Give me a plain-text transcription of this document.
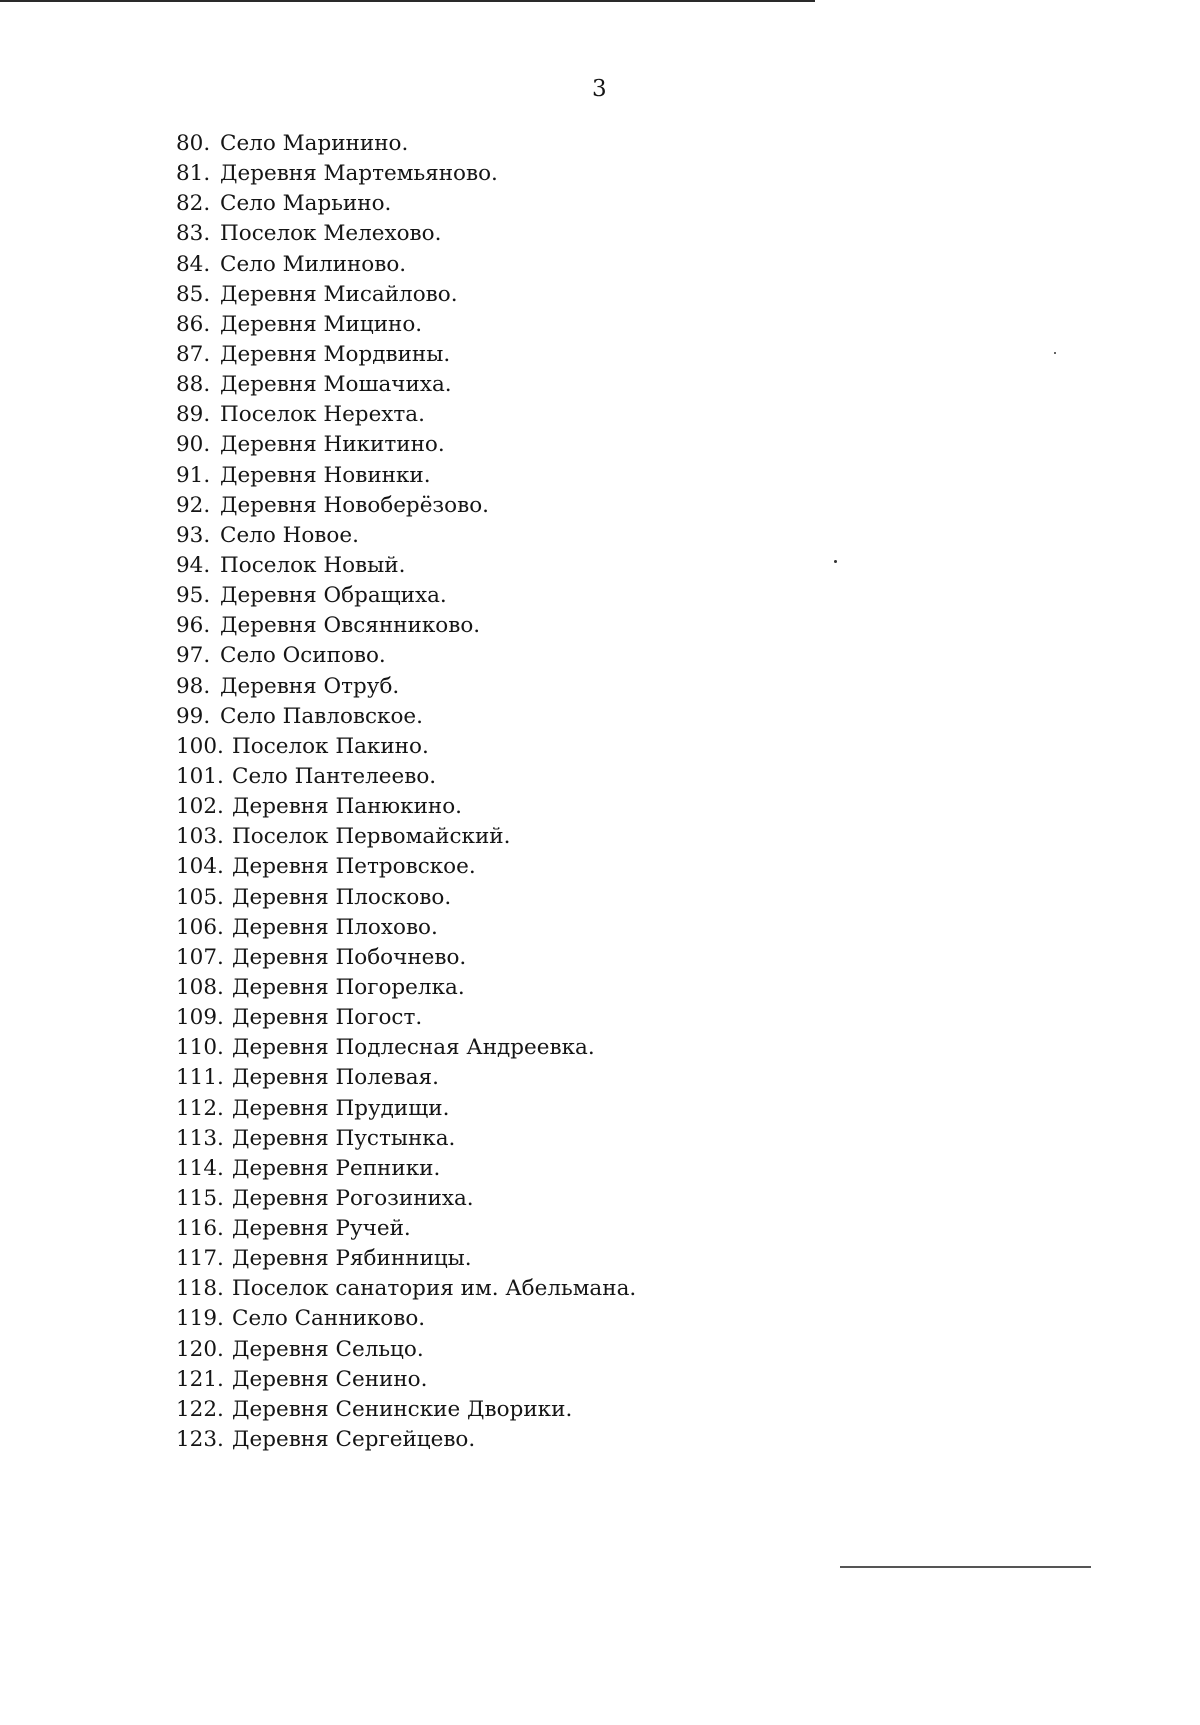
3
80. Село Маринино.
81. Деревня Мартемьяново.
82. Село Марьино.
83. Поселок Мелехово.
84. Село Милиново.
85. Деревня Мисайлово.
86. Деревня Мицино.
87. Деревня Мордвины.
88. Деревня Мошачиха.
89. Поселок Нерехта.
90. Деревня Никитино.
91. Деревня Новинки.
92. Деревня Новоберёзово.
93. Село Новое.
94. Поселок Новый.
95. Деревня Обращиха.
96. Деревня Овсянниково.
97. Село Осипово.
98. Деревня Отруб.
99. Село Павловское.
100. Поселок Пакино.
101. Село Пантелеево.
102. Деревня Панюкино.
103. Поселок Первомайский.
104. Деревня Петровское.
105. Деревня Плосково.
106. Деревня Плохово.
107. Деревня Побочнево.
108. Деревня Погорелка.
109. Деревня Погост.
110. Деревня Подлесная Андреевка.
111. Деревня Полевая.
112. Деревня Прудищи.
113. Деревня Пустынка.
114. Деревня Репники.
115. Деревня Рогозиниха.
116. Деревня Ручей.
117. Деревня Рябинницы.
118. Поселок санатория им. Абельмана.
119. Село Санниково.
120. Деревня Сельцо.
121. Деревня Сенино.
122. Деревня Сенинские Дворики.
123. Деревня Сергейцево.
